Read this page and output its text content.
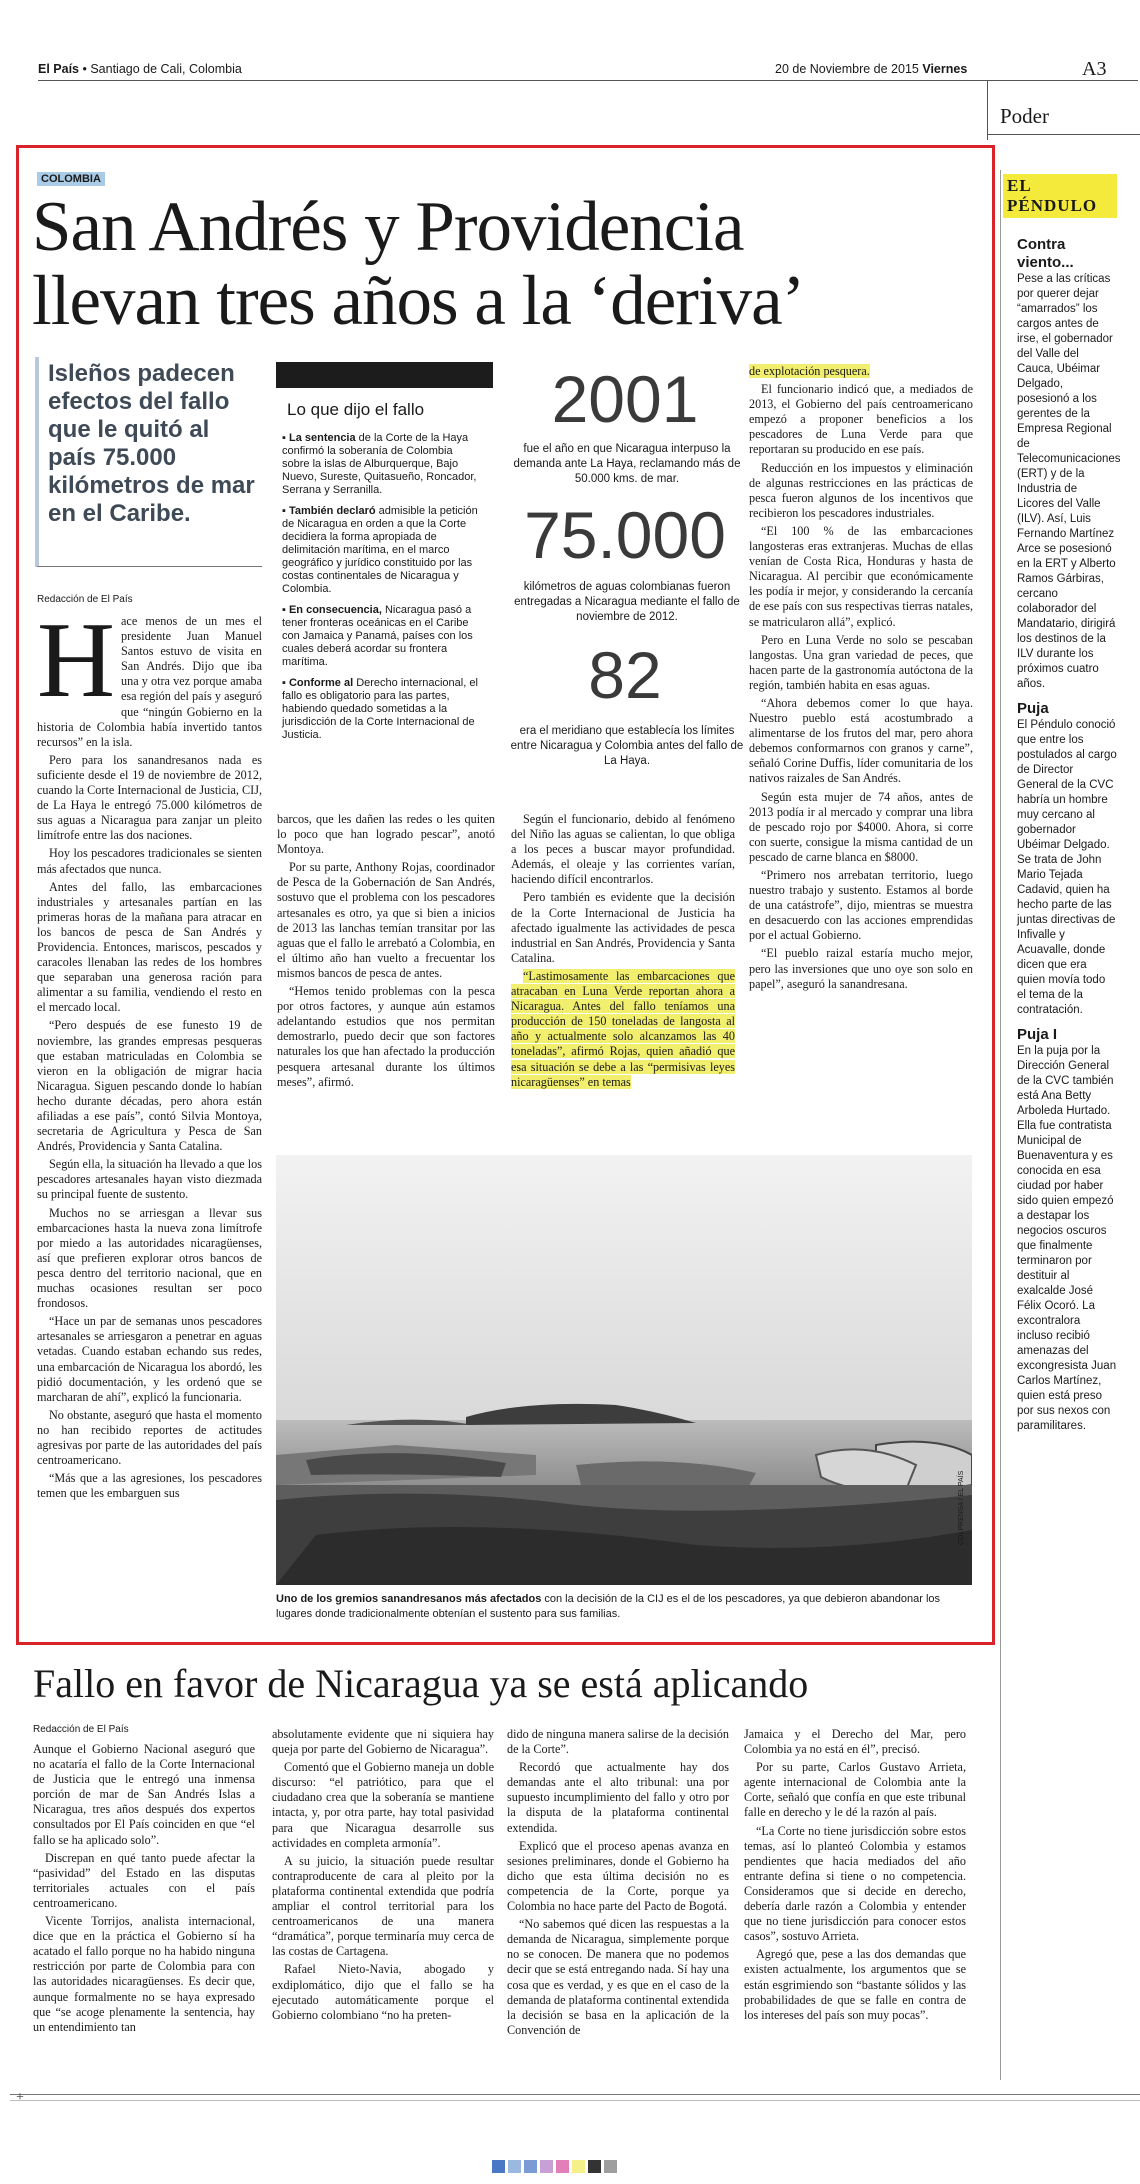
El País • Santiago de Cali, Colombia	20 de Noviembre de 2015 Viernes	A3
Poder
COLOMBIA
San Andrés y Providencia
llevan tres años a la ‘deriva’
Isleños padecen efectos del fallo que le quitó al país 75.000 kilómetros de mar en el Caribe.
Redacción de El País
H ace menos de un mes el presidente Juan Manuel Santos estuvo de visita en San Andrés. Dijo que iba una y otra vez porque amaba esa región del país y aseguró que “ningún Gobierno en la historia de Colombia había invertido tantos recursos” en la isla.

Pero para los sanandresanos nada es suficiente desde el 19 de noviembre de 2012, cuando la Corte Internacional de Justicia, CIJ, de La Haya le entregó 75.000 kilómetros de sus aguas a Nicaragua para zanjar un pleito limítrofe entre las dos naciones.

Hoy los pescadores tradicionales se sienten más afectados que nunca.

Antes del fallo, las embarcaciones industriales y artesanales partían en las primeras horas de la mañana para atracar en los bancos de pesca de San Andrés y Providencia. Entonces, mariscos, pescados y caracoles llenaban las redes de los hombres que separaban una generosa ración para alimentar a su familia, vendiendo el resto en el mercado local.

“Pero después de ese funesto 19 de noviembre, las grandes empresas pesqueras que estaban matriculadas en Colombia se vieron en la obligación de migrar hacia Nicaragua. Siguen pescando donde lo habían hecho durante décadas, pero ahora están afiliadas a ese país”, contó Silvia Montoya, secretaria de Agricultura y Pesca de San Andrés, Providencia y Santa Catalina.

Según ella, la situación ha llevado a que los pescadores artesanales hayan visto diezmada su principal fuente de sustento.

Muchos no se arriesgan a llevar sus embarcaciones hasta la nueva zona limítrofe por miedo a las autoridades nicaragüenses, así que prefieren explorar otros bancos de pesca dentro del territorio nacional, que en muchas ocasiones resultan ser poco frondosos.

“Hace un par de semanas unos pescadores artesanales se arriesgaron a penetrar en aguas vetadas. Cuando estaban echando sus redes, una embarcación de Nicaragua los abordó, les pidió documentación, y les ordenó que se marcharan de ahí”, explicó la funcionaria.

No obstante, aseguró que hasta el momento no han recibido reportes de actitudes agresivas por parte de las autoridades del país centroamericano.

“Más que a las agresiones, los pescadores temen que les embarguen sus

Lo que dijo el fallo

▪ La sentencia de la Corte de la Haya confirmó la soberanía de Colombia sobre la islas de Alburquerque, Bajo Nuevo, Sureste, Quitasueño, Roncador, Serrana y Serranilla.

▪ También declaró admisible la petición de Nicaragua en orden a que la Corte decidiera la forma apropiada de delimitación marítima, en el marco geográfico y jurídico constituido por las costas continentales de Nicaragua y Colombia.

▪ En consecuencia, Nicaragua pasó a tener fronteras oceánicas en el Caribe con Jamaica y Panamá, países con los cuales deberá acordar su frontera marítima.

▪ Conforme al Derecho internacional, el fallo es obligatorio para las partes, habiendo quedado sometidas a la jurisdicción de la Corte Internacional de Justicia.

2001
fue el año en que Nicaragua interpuso la demanda ante La Haya, reclamando más de 50.000 kms. de mar.
75.000
kilómetros de aguas colombianas fueron entregadas a Nicaragua mediante el fallo de noviembre de 2012.
82
era el meridiano que establecía los límites entre Nicaragua y Colombia antes del fallo de La Haya.

barcos, que les dañen las redes o les quiten lo poco que han logrado pescar”, anotó Montoya.

Por su parte, Anthony Rojas, coordinador de Pesca de la Gobernación de San Andrés, sostuvo que el problema con los pescadores artesanales es otro, ya que si bien a inicios de 2013 las lanchas temían transitar por las aguas que el fallo le arrebató a Colombia, en el último año han vuelto a frecuentar los mismos bancos de pesca de antes.

“Hemos tenido problemas con la pesca por otros factores, y aunque aún estamos adelantando estudios que nos permitan demostrarlo, puedo decir que son factores naturales los que han afectado la producción pesquera artesanal durante los últimos meses”, afirmó.

Según el funcionario, debido al fenómeno del Niño las aguas se calientan, lo que obliga a los peces a buscar mayor profundidad. Además, el oleaje y las corrientes varían, haciendo difícil encontrarlos.

Pero también es evidente que la decisión de la Corte Internacional de Justicia ha afectado igualmente las actividades de pesca industrial en San Andrés, Providencia y Santa Catalina.

“Lastimosamente las embarcaciones que atracaban en Luna Verde reportan ahora a Nicaragua. Antes del fallo teníamos una producción de 150 toneladas de langosta al año y actualmente solo alcanzamos las 40 toneladas”, afirmó Rojas, quien añadió que esa situación se debe a las “permisivas leyes nicaragüenses” en temas

de explotación pesquera.

El funcionario indicó que, a mediados de 2013, el Gobierno del país centroamericano empezó a proponer beneficios a los pescadores de Luna Verde para que reportaran su producido en ese país.

Reducción en los impuestos y eliminación de algunas restricciones en las prácticas de pesca fueron algunos de los incentivos que recibieron los pescadores industriales.

“El 100 % de las embarcaciones langosteras eras extranjeras. Muchas de ellas venían de Costa Rica, Honduras y hasta de Nicaragua. Al percibir que económicamente les podía ir mejor, y considerando la cercanía de ese país con sus respectivas tierras natales, se matricularon allá”, explicó.

Pero en Luna Verde no solo se pescaban langostas. Una gran variedad de peces, que hacen parte de la gastronomía autóctona de la región, también habita en esas aguas.

“Ahora debemos comer lo que haya. Nuestro pueblo está acostumbrado a alimentarse de los frutos del mar, pero ahora debemos conformarnos con granos y carne”, señaló Corine Duffis, líder comunitaria de los nativos raizales de San Andrés.

Según esta mujer de 74 años, antes de 2013 podía ir al mercado y comprar una libra de pescado rojo por $4000. Ahora, si corre con suerte, consigue la misma cantidad de un pescado de carne blanca en $8000.

“Primero nos arrebatan territorio, luego nuestro trabajo y sustento. Estamos al borde de una catástrofe”, dijo, mientras se muestra en desacuerdo con las acciones emprendidas por el actual Gobierno.

“El pueblo raizal estaría mucho mejor, pero las inversiones que uno oye son solo en papel”, aseguró la sanandresana.

COLPRENSA / EL PAÍS
Uno de los gremios sanandresanos más afectados con la decisión de la CIJ es el de los pescadores, ya que debieron abandonar los lugares donde tradicionalmente obtenían el sustento para sus familias.
Fallo en favor de Nicaragua ya se está aplicando
Redacción de El País

Aunque el Gobierno Nacional aseguró que no acataría el fallo de la Corte Internacional de Justicia que le entregó una inmensa porción de mar de San Andrés Islas a Nicaragua, tres años después dos expertos consultados por El País coinciden en que “el fallo se ha aplicado solo”.

Discrepan en qué tanto puede afectar la “pasividad” del Estado en las disputas territoriales actuales con el país centroamericano.

Vicente Torrijos, analista internacional, dice que en la práctica el Gobierno sí ha acatado el fallo porque no ha habido ninguna restricción por parte de Colombia para con las autoridades nicaragüenses. Es decir que, aunque formalmente no se haya expresado que “se acoge plenamente la sentencia, hay un entendimiento tan

absolutamente evidente que ni siquiera hay queja por parte del Gobierno de Nicaragua”.

Comentó que el Gobierno maneja un doble discurso: “el patriótico, para que el ciudadano crea que la soberanía se mantiene intacta, y, por otra parte, hay total pasividad para que Nicaragua desarrolle sus actividades en completa armonía”.

A su juicio, la situación puede resultar contraproducente de cara al pleito por la plataforma continental extendida que podría ampliar el control territorial para los centroamericanos de una manera “dramática”, porque terminaría muy cerca de las costas de Cartagena.

Rafael Nieto-Navia, abogado y exdiplomático, dijo que el fallo se ha ejecutado automáticamente porque el Gobierno colombiano “no ha preten-

dido de ninguna manera salirse de la decisión de la Corte”.

Recordó que actualmente hay dos demandas ante el alto tribunal: una por supuesto incumplimiento del fallo y otro por la disputa de la plataforma continental extendida.

Explicó que el proceso apenas avanza en sesiones preliminares, donde el Gobierno ha dicho que esta última decisión no es competencia de la Corte, porque ya Colombia no hace parte del Pacto de Bogotá.

“No sabemos qué dicen las respuestas a la demanda de Nicaragua, simplemente porque no se conocen. De manera que no podemos decir que se está entregando nada. Sí hay una cosa que es verdad, y es que en el caso de la demanda de plataforma continental extendida la decisión se basa en la aplicación de la Convención de

Jamaica y el Derecho del Mar, pero Colombia ya no está en él”, precisó.

Por su parte, Carlos Gustavo Arrieta, agente internacional de Colombia ante la Corte, señaló que confía en que este tribunal falle en derecho y le dé la razón al país.

“La Corte no tiene jurisdicción sobre estos temas, así lo planteó Colombia y estamos pendientes que hacia mediados del año entrante defina si tiene o no competencia. Consideramos que si decide en derecho, debería darle razón a Colombia y entender que no tiene jurisdicción para conocer estos casos”, sostuvo Arrieta.

Agregó que, pese a las dos demandas que existen actualmente, los argumentos que se están esgrimiendo son “bastante sólidos y las probabilidades de que se falle en contra de los intereses del país son muy pocas”.

EL
PÉNDULO
Contra viento...

Pese a las críticas por querer dejar “amarrados” los cargos antes de irse, el gobernador del Valle del Cauca, Ubéimar Delgado, posesionó a los gerentes de la Empresa Regional de Telecomunicaciones (ERT) y de la Industria de Licores del Valle (ILV). Así, Luis Fernando Martínez Arce se posesionó en la ERT y Alberto Ramos Gárbiras, cercano colaborador del Mandatario, dirigirá los destinos de la ILV durante los próximos cuatro años.

Puja

El Péndulo conoció que entre los postulados al cargo de Director General de la CVC habría un hombre muy cercano al gobernador Ubéimar Delgado. Se trata de John Mario Tejada Cadavid, quien ha hecho parte de las juntas directivas de Infivalle y Acuavalle, donde dicen que era quien movía todo el tema de la contratación.

Puja I

En la puja por la Dirección General de la CVC también está Ana Betty Arboleda Hurtado. Ella fue contratista Municipal de Buenaventura y es conocida en esa ciudad por haber sido quien empezó a destapar los negocios oscuros que finalmente terminaron por destituir al exalcalde José Félix Ocoró. La excontralora incluso recibió amenazas del excongresista Juan Carlos Martínez, quien está preso por sus nexos con paramilitares.

+
